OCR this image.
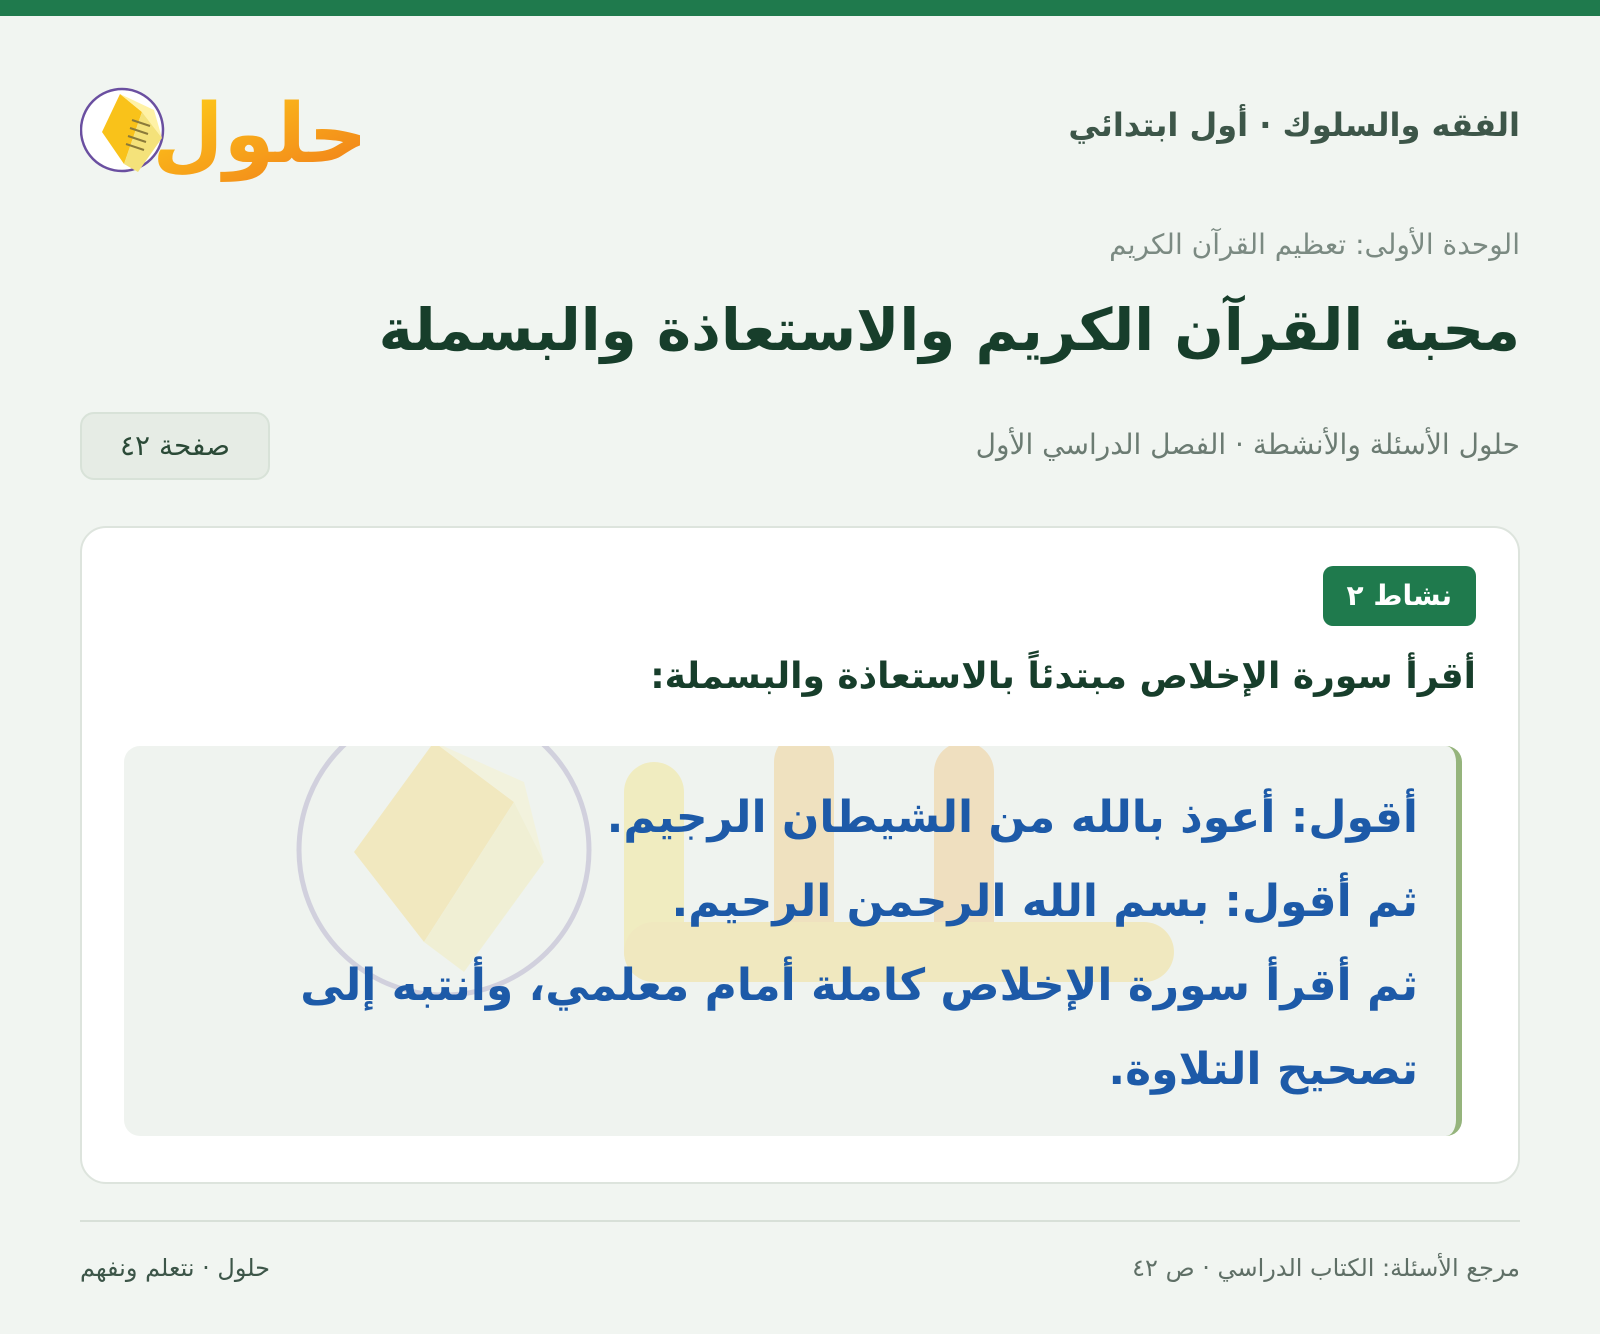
الفقه والسلوك · أول ابتدائي
حلول
الوحدة الأولى: تعظيم القرآن الكريم
محبة القرآن الكريم والاستعاذة والبسملة
حلول الأسئلة والأنشطة · الفصل الدراسي الأول
صفحة ٤٢
نشاط ٢
أقرأ سورة الإخلاص مبتدئاً بالاستعاذة والبسملة:
أقول: أعوذ بالله من الشيطان الرجيم.
ثم أقول: بسم الله الرحمن الرحيم.
ثم أقرأ سورة الإخلاص كاملة أمام معلمي، وأنتبه إلى
تصحيح التلاوة.
مرجع الأسئلة: الكتاب الدراسي · ص ٤٢
حلول · نتعلم ونفهم
